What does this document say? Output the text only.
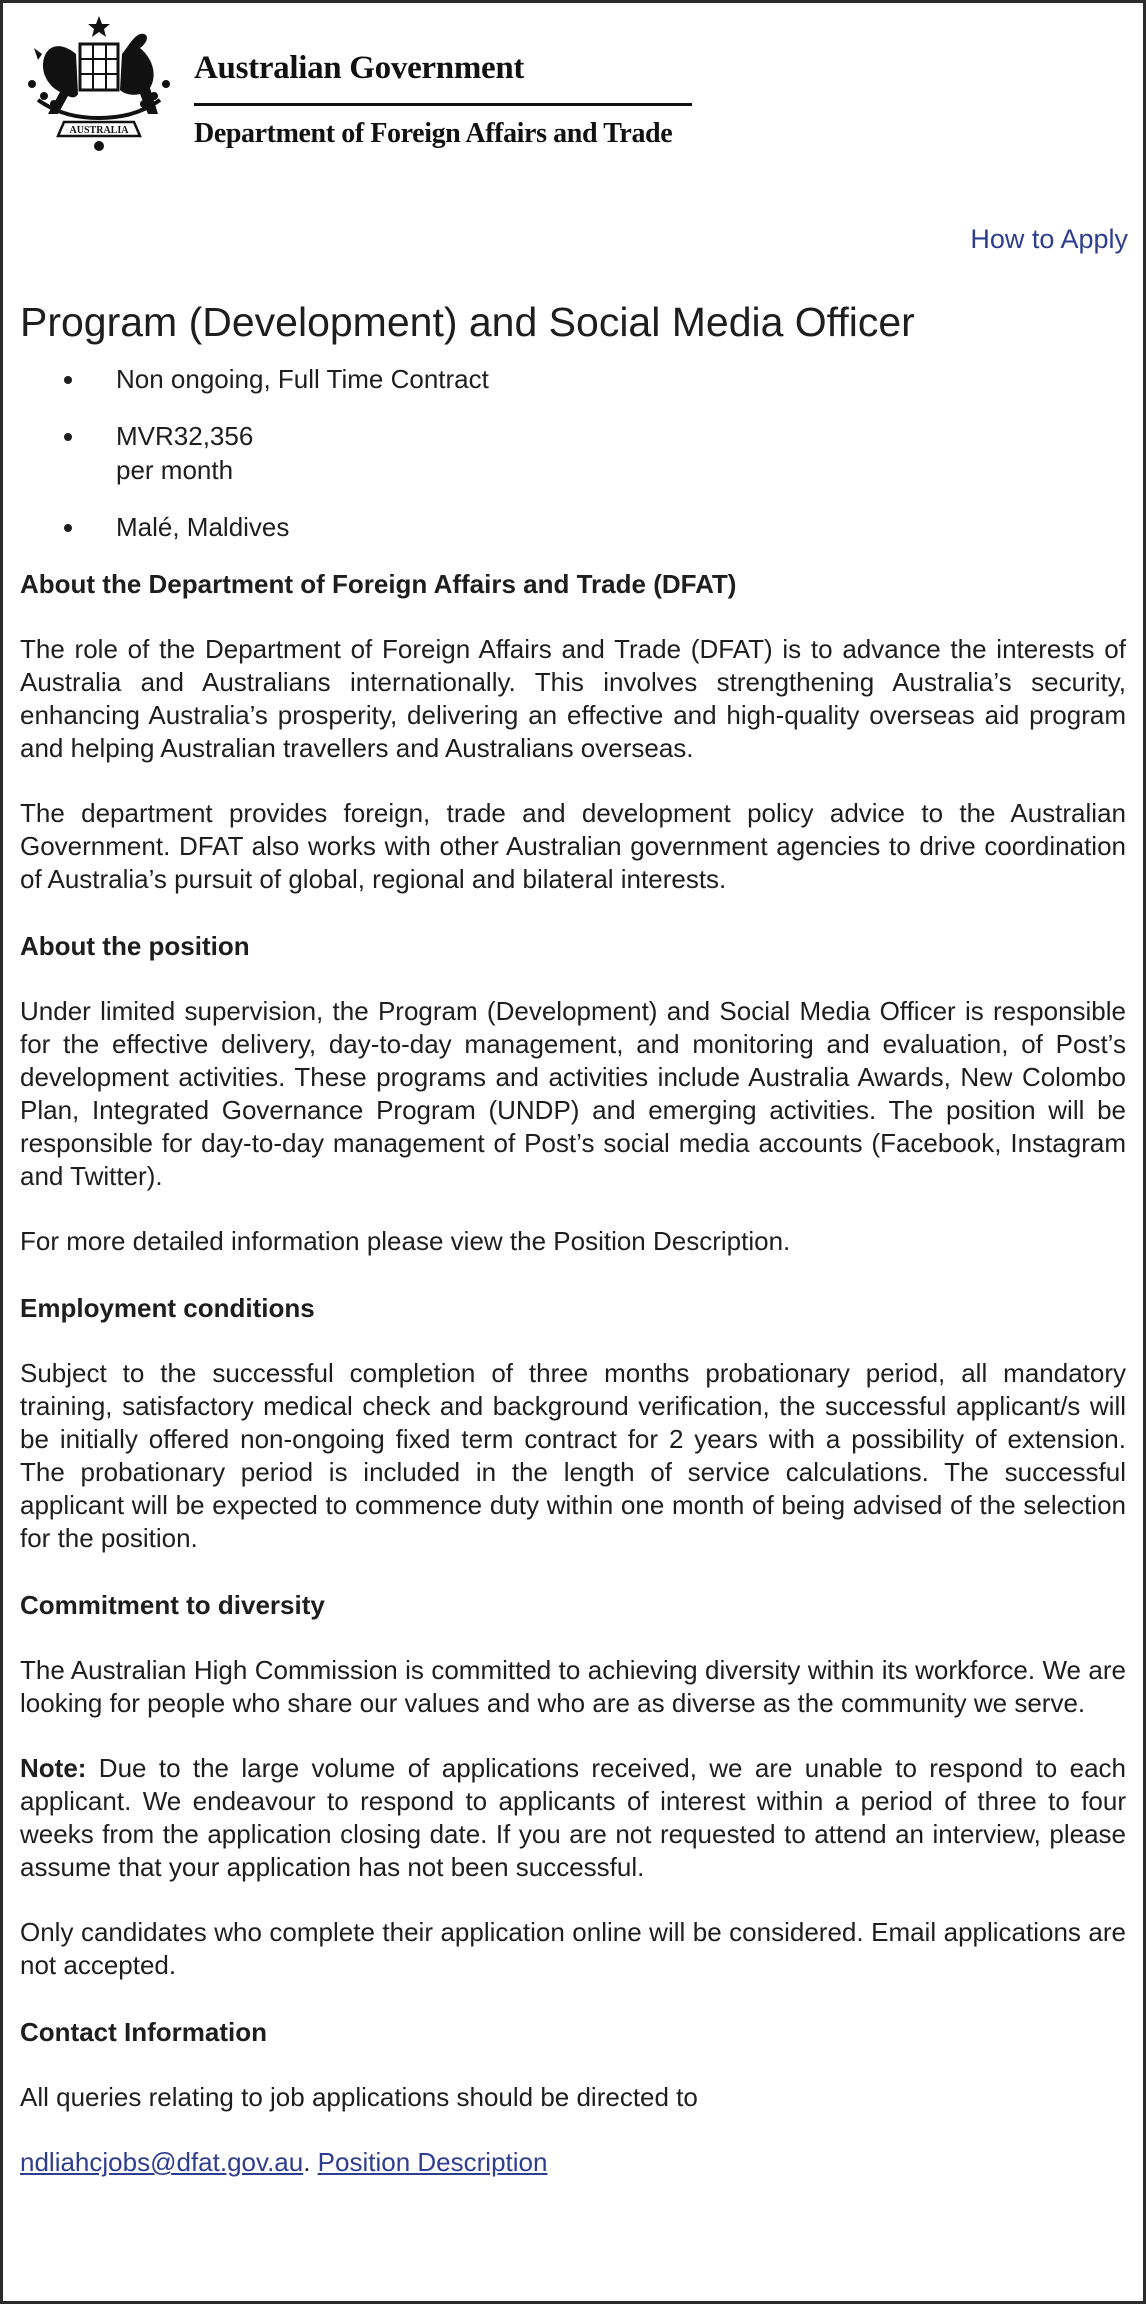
AUSTRALIA
Australian Government
Department of Foreign Affairs and Trade
How to Apply
Program (Development) and Social Media Officer
Non ongoing, Full Time Contract
MVR32,356
per month
Malé, Maldives
About the Department of Foreign Affairs and Trade (DFAT)

The role of the Department of Foreign Affairs and Trade (DFAT) is to advance the interests of Australia and Australians internationally. This involves strengthening Australia’s security, enhancing Australia’s prosperity, delivering an effective and high-quality overseas aid program and helping Australian travellers and Australians overseas.

The department provides foreign, trade and development policy advice to the Australian Government. DFAT also works with other Australian government agencies to drive coordination of Australia’s pursuit of global, regional and bilateral interests.

About the position

Under limited supervision, the Program (Development) and Social Media Officer is responsible for the effective delivery, day-to-day management, and monitoring and evaluation, of Post’s development activities. These programs and activities include Australia Awards, New Colombo Plan, Integrated Governance Program (UNDP) and emerging activities. The position will be responsible for day-to-day management of Post’s social media accounts (Facebook, Instagram and Twitter).

For more detailed information please view the Position Description.

Employment conditions

Subject to the successful completion of three months probationary period, all mandatory training, satisfactory medical check and background verification, the successful applicant/s will be initially offered non-ongoing fixed term contract for 2 years with a possibility of extension. The probationary period is included in the length of service calculations. The successful applicant will be expected to commence duty within one month of being advised of the selection for the position.

Commitment to diversity

The Australian High Commission is committed to achieving diversity within its workforce. We are looking for people who share our values and who are as diverse as the community we serve.

Note: Due to the large volume of applications received, we are unable to respond to each applicant. We endeavour to respond to applicants of interest within a period of three to four weeks from the application closing date. If you are not requested to attend an interview, please assume that your application has not been successful.

Only candidates who complete their application online will be considered. Email applications are not accepted.

Contact Information

All queries relating to job applications should be directed to

ndliahcjobs@dfat.gov.au. Position Description
